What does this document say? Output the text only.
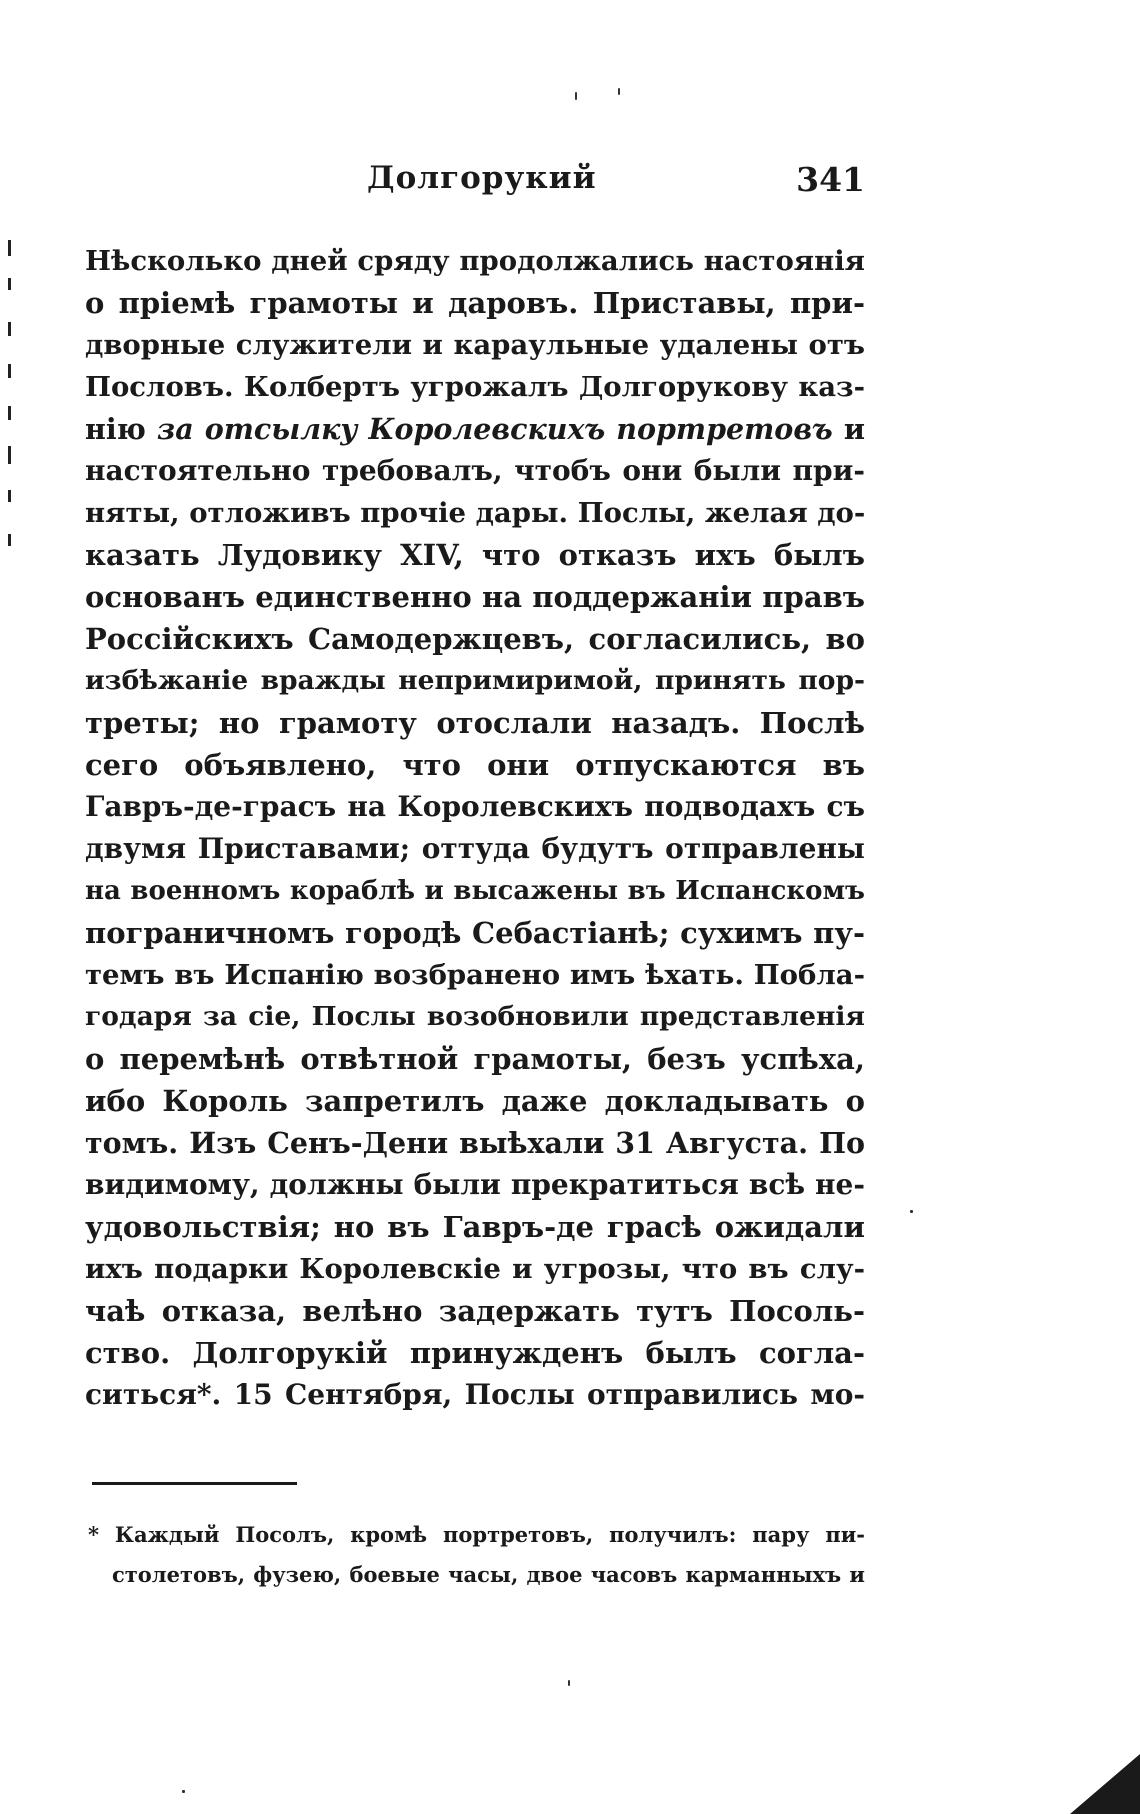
Долгорукий	341
Нѣсколько дней сряду продолжались настоянія
о пріемѣ грамоты и даровъ. Приставы, при-
дворные служители и караульные удалены отъ
Пословъ. Колбертъ угрожалъ Долгорукову каз-
нію за отсылку Королевскихъ портретовъ и
настоятельно требовалъ, чтобъ они были при-
няты, отложивъ прочіе дары. Послы, желая до-
казать Лудовику XIV, что отказъ ихъ былъ
основанъ единственно на поддержаніи правъ
Россійскихъ Самодержцевъ, согласились, во
избѣжаніе вражды непримиримой, принять пор-
треты; но грамоту отослали назадъ. Послѣ
сего объявлено, что они отпускаются въ
Гавръ-де-грасъ на Королевскихъ подводахъ съ
двумя Приставами; оттуда будутъ отправлены
на военномъ кораблѣ и высажены въ Испанскомъ
пограничномъ городѣ Себастіанѣ; сухимъ пу-
темъ въ Испанію возбранено имъ ѣхать. Побла-
годаря за сіе, Послы возобновили представленія
о перемѣнѣ отвѣтной грамоты, безъ успѣха,
ибо Король запретилъ даже докладывать о
томъ. Изъ Сенъ-Дени выѣхали 31 Августа. По
видимому, должны были прекратиться всѣ не-
удовольствія; но въ Гавръ-де грасѣ ожидали
ихъ подарки Королевскіе и угрозы, что въ слу-
чаѣ отказа, велѣно задержать тутъ Посоль-
ство. Долгорукій принужденъ былъ согла-
ситься*. 15 Сентября, Послы отправились мо-
* Каждый Посолъ, кромѣ портретовъ, получилъ: пару пи-
столетовъ, фузею, боевые часы, двое часовъ карманныхъ и
